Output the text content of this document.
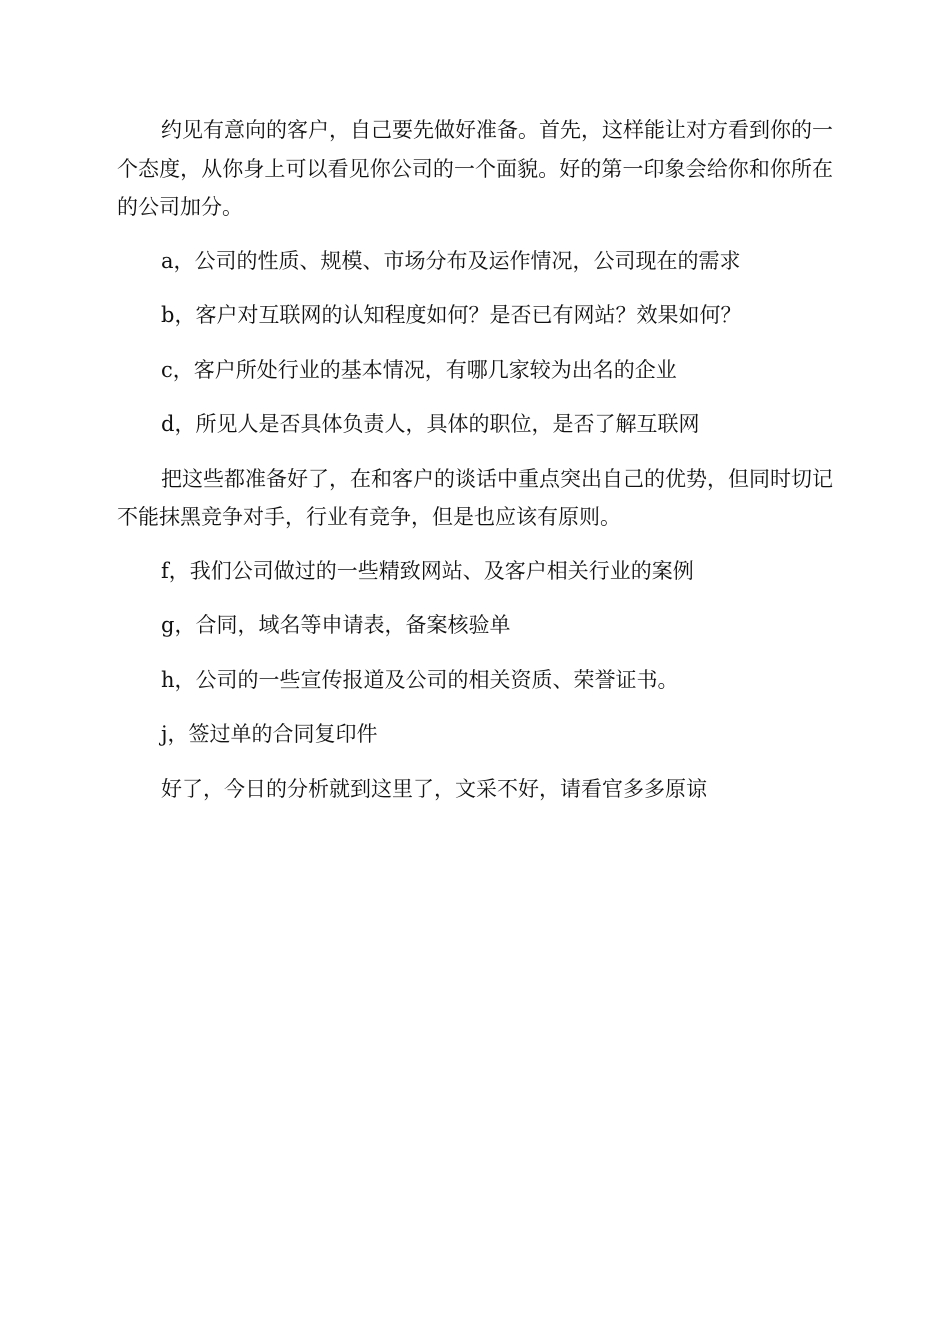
约见有意向的客户，自己要先做好准备。首先，这样能让对方看到你的一个态度，从你身上可以看见你公司的一个面貌。好的第一印象会给你和你所在的公司加分。

a，公司的性质、规模、市场分布及运作情况，公司现在的需求

b，客户对互联网的认知程度如何？是否已有网站？效果如何？

c，客户所处行业的基本情况，有哪几家较为出名的企业

d，所见人是否具体负责人，具体的职位，是否了解互联网

把这些都准备好了，在和客户的谈话中重点突出自己的优势，但同时切记不能抹黑竞争对手，行业有竞争，但是也应该有原则。

f，我们公司做过的一些精致网站、及客户相关行业的案例

g，合同，域名等申请表，备案核验单

h，公司的一些宣传报道及公司的相关资质、荣誉证书。

j，签过单的合同复印件

好了，今日的分析就到这里了，文采不好，请看官多多原谅
